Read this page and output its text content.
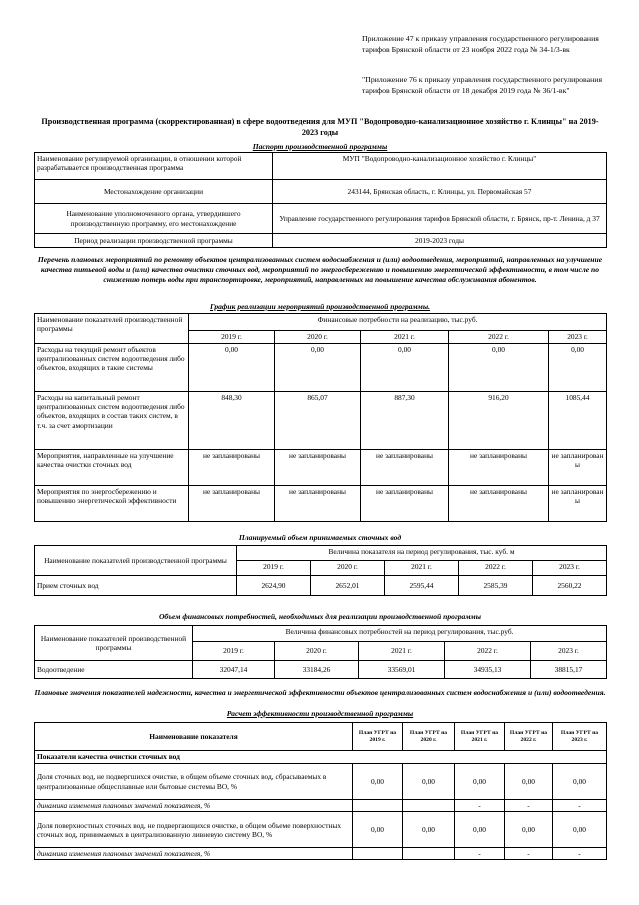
Приложение 47 к приказу управления государственного регулирования тарифов Брянской области от 23 ноября 2022 года № 34-1/3-вк
"Приложение 76 к приказу управления государственного регулирования тарифов Брянской области от 18 декабря 2019 года № 36/1-вк"
Производственная программа (скорректированная) в сфере водоотведения для МУП "Водопроводно-канализационное хозяйство г. Клинцы" на 2019-2023 годы
Паспорт производственной программы
Наименование регулируемой организации, в отношении которой разрабатывается производственная программа	МУП "Водопроводно-канализационное хозяйство г. Клинцы"
Местонахождение организации	243144, Брянская область, г. Клинцы, ул. Первомайская 57
Наименование уполномоченного органа, утвердившего производственную программу, его местонахождение	Управление государственного регулирования тарифов Брянской области, г. Брянск, пр-т. Ленина, д 37
Период реализации производственной программы	2019-2023 годы
Перечень плановых мероприятий по ремонту объектов централизованных систем водоснабжения и (или) водоотведения, мероприятий, направленных на улучшение качества питьевой воды и (или) качества очистки сточных вод, мероприятий по энергосбережению и повышению энергетической эффективности, в том числе по снижению потерь воды при транспортировке, мероприятий, направленных на повышение качества обслуживания абонентов.
График реализации мероприятий производственной программы.
Наименование показателей производственной программы	Финансовые потребности на реализацию, тыс.руб.				
	2019 г.	2020 г.	2021 г.	2022 г.	2023 г.
Расходы на текущий ремонт объектов централизованных систем водоотведения либо объектов, входящих в такие системы	0,00	0,00	0,00	0,00	0,00
Расходы на капитальный ремонт централизованных систем водоотведения либо объектов, входящих в состав таких систем, в т.ч. за счет амортизации	848,30	865,07	887,30	916,20	1085,44
Мероприятия, направленные на улучшение качества очистки сточных вод	не запланированы	не запланированы	не запланированы	не запланированы	не запланирован ы
Мероприятия по энергосбережению и повышению энергетической эффективности	не запланированы	не запланированы	не запланированы	не запланированы	не запланирован ы
Планируемый объем принимаемых сточных вод
Наименование показателей производственной программы	Величина показателя на период регулирования, тыс. куб. м				
	2019 г.	2020 г.	2021 г.	2022 г.	2023 г.
Прием сточных вод	2624,90	2652,01	2595,44	2585,39	2560,22
Объем финансовых потребностей, необходимых для реализации производственной программы
Наименование показателей производственной программы	Величина финансовых потребностей на период регулирования, тыс.руб.				
	2019 г.	2020 г.	2021 г.	2022 г.	2023 г.
Водоотведение	32047,14	33184,26	33569,01	34935,13	38815,17
Плановые значения показателей надежности, качества и энергетической эффективности объектов централизованных систем водоснабжения и (или) водоотведения.
Расчет эффективности производственной программы
Наименование показателя	План УГРТ на 2019 г.	План УГРТ на 2020 г.	План УГРТ на 2021 г.	План УГРТ на 2022 г.	План УГРТ на 2023 г.
Показатели качества очистки сточных вод					
Доля сточных вод, не подвергшихся очистке, в общем объеме сточных вод, сбрасываемых в централизованные общесплавные или бытовые системы ВО, %	0,00	0,00	0,00	0,00	0,00
динамика изменения плановых значений показателя, %			-	-	-
Доля поверхностных сточных вод, не подвергающихся очистке, в общем объеме поверхностных сточных вод, принимаемых в централизованную ливневую систему ВО, %	0,00	0,00	0,00	0,00	0,00
динамика изменения плановых значений показателя, %			-	-	-
